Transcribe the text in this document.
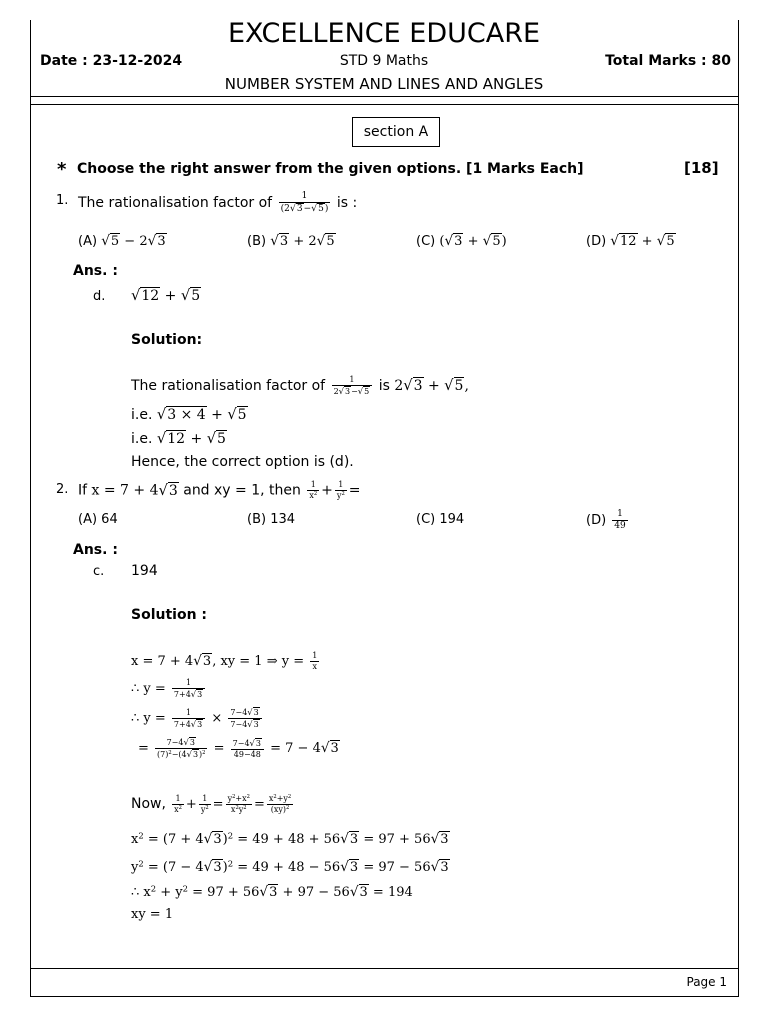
EXCELLENCE EDUCARE
Date : 23-12-2024	STD 9 Maths	Total Marks : 80
NUMBER SYSTEM AND LINES AND ANGLES
section A
* Choose the right answer from the given options. [1 Marks Each]	[18]
1. The rationalisation factor of $\frac{1}{(2√3-√5)}$ is :
(A) √5 − 2√3	(B) √3 + 2√5	(C) (√3 + √5)	(D) √12 + √5
Ans. :
d. √12 + √5
Solution:
The rationalisation factor of $\frac{1}{2√3-√5}$ is 2√3 + √5,
i.e. √3 × 4 + √5
i.e. √12 + √5
Hence, the correct option is (d).
2. If x = 7 + 4√3 and xy = 1, then $\frac{1}{x^2} + \frac{1}{y^2}$ =
(A) 64	(B) 134	(C) 194	$(D) \frac{1}{49}$
Ans. :
c. 194
Solution :
x = 7 + 4√3, xy = 1 ⇒ $y = \frac{1}{x}$
∴ $y = \frac{1}{7+4√3}$
∴ $y = \frac{1}{7+4√3} \times \frac{7-4√3}{7-4√3}$
= $\frac{7-4√3}{(7)^2-(4√3)^2} = \frac{7-4√3}{49-48} = 7 - 4√3$
Now, $\frac{1}{x^2} + \frac{1}{y^2} = \frac{y^2+x^2}{x^2y^2} = \frac{x^2+y^2}{(xy)^2}$
$x^2 = (7 + 4√3)^2 = 49 + 48 + 56√3 = 97 + 56√3$
$y^2 = (7 - 4√3)^2 = 49 + 48 - 56√3 = 97 - 56√3$
∴ $x^2 + y^2 = 97 + 56√3 + 97 - 56√3 = 194$
xy = 1
Page 1
